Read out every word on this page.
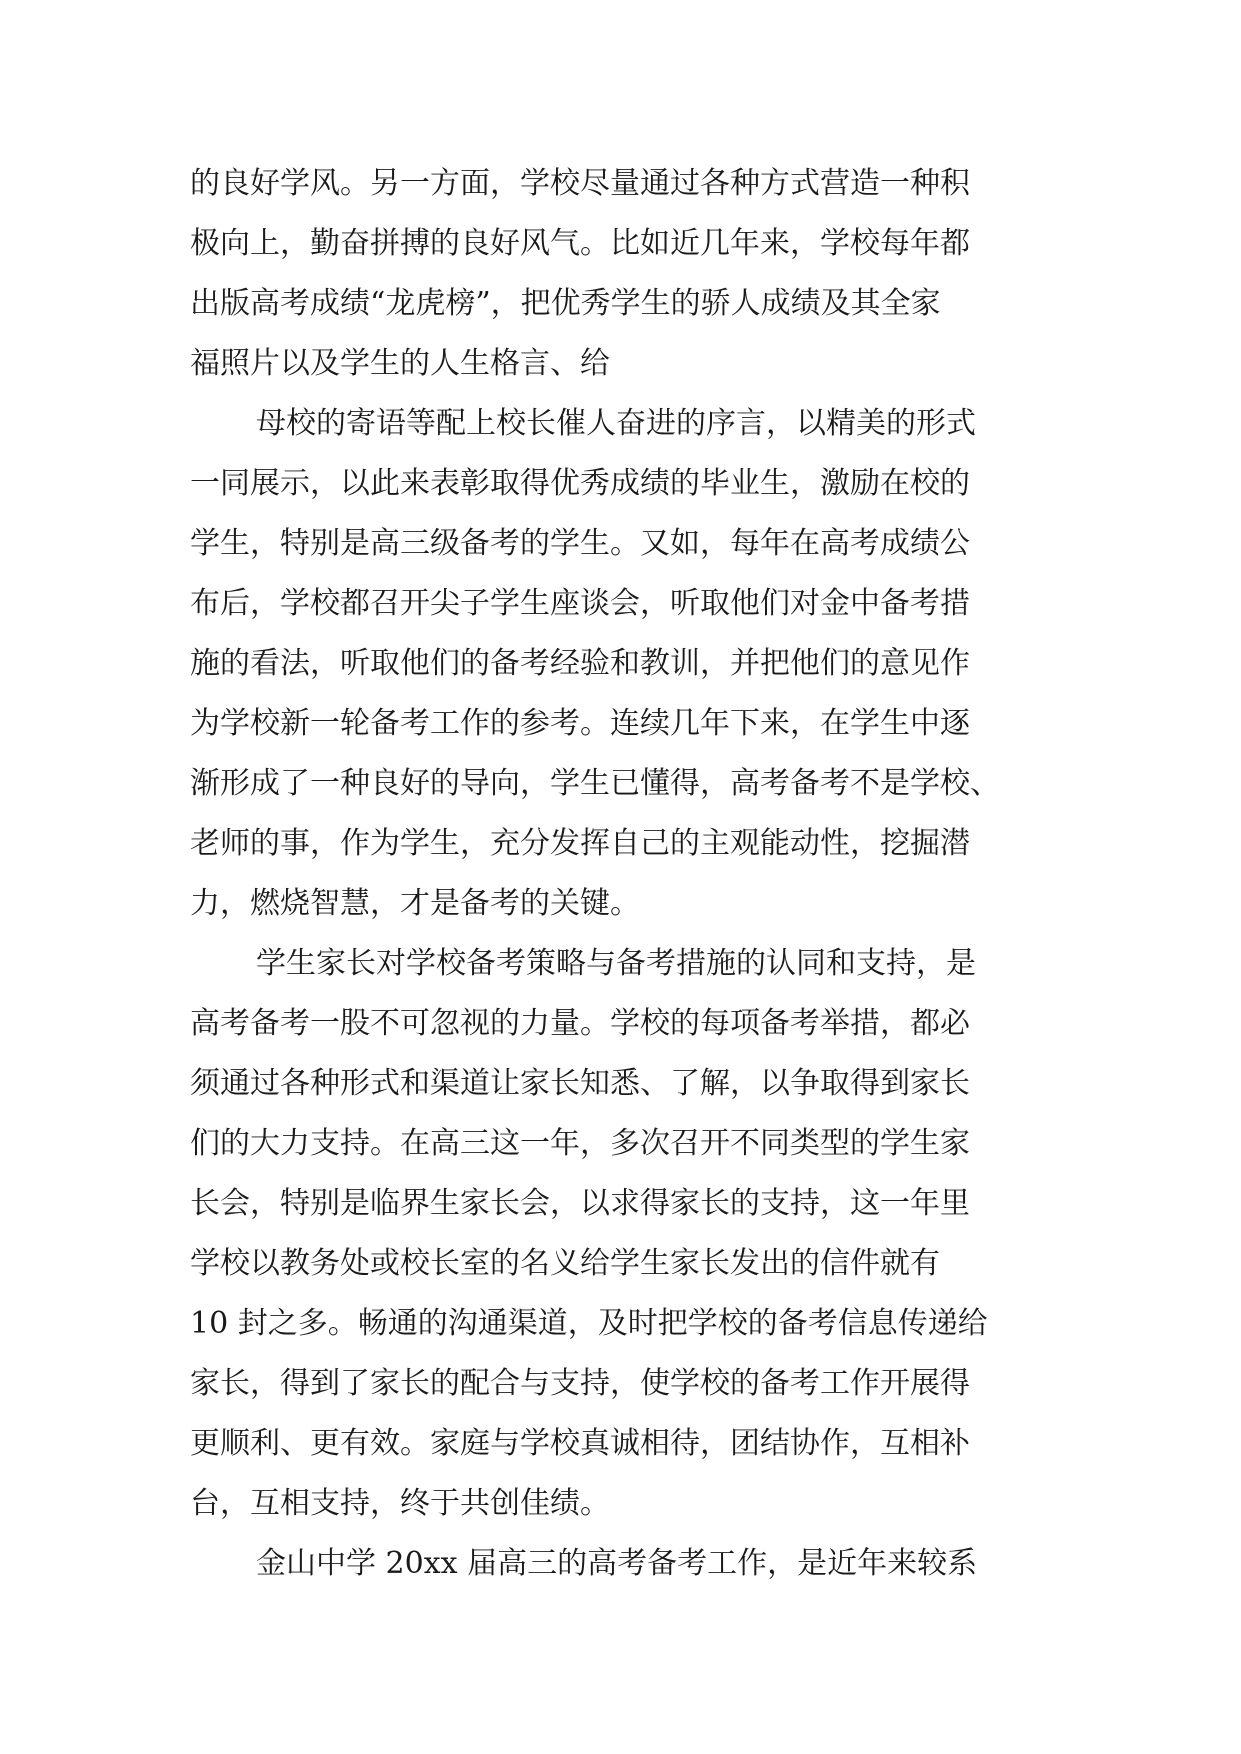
的良好学风。另一方面，学校尽量通过各种方式营造一种积
极向上，勤奋拼搏的良好风气。比如近几年来，学校每年都
出版高考成绩“龙虎榜”，把优秀学生的骄人成绩及其全家
福照片以及学生的人生格言、给
母校的寄语等配上校长催人奋进的序言，以精美的形式
一同展示，以此来表彰取得优秀成绩的毕业生，激励在校的
学生，特别是高三级备考的学生。又如，每年在高考成绩公
布后，学校都召开尖子学生座谈会，听取他们对金中备考措
施的看法，听取他们的备考经验和教训，并把他们的意见作
为学校新一轮备考工作的参考。连续几年下来，在学生中逐
渐形成了一种良好的导向，学生已懂得，高考备考不是学校、
老师的事，作为学生，充分发挥自己的主观能动性，挖掘潜
力，燃烧智慧，才是备考的关键。
学生家长对学校备考策略与备考措施的认同和支持，是
高考备考一股不可忽视的力量。学校的每项备考举措，都必
须通过各种形式和渠道让家长知悉、了解，以争取得到家长
们的大力支持。在高三这一年，多次召开不同类型的学生家
长会，特别是临界生家长会，以求得家长的支持，这一年里
学校以教务处或校长室的名义给学生家长发出的信件就有
10 封之多。畅通的沟通渠道，及时把学校的备考信息传递给
家长，得到了家长的配合与支持，使学校的备考工作开展得
更顺利、更有效。家庭与学校真诚相待，团结协作，互相补
台，互相支持，终于共创佳绩。
金山中学 20xx 届高三的高考备考工作，是近年来较系
